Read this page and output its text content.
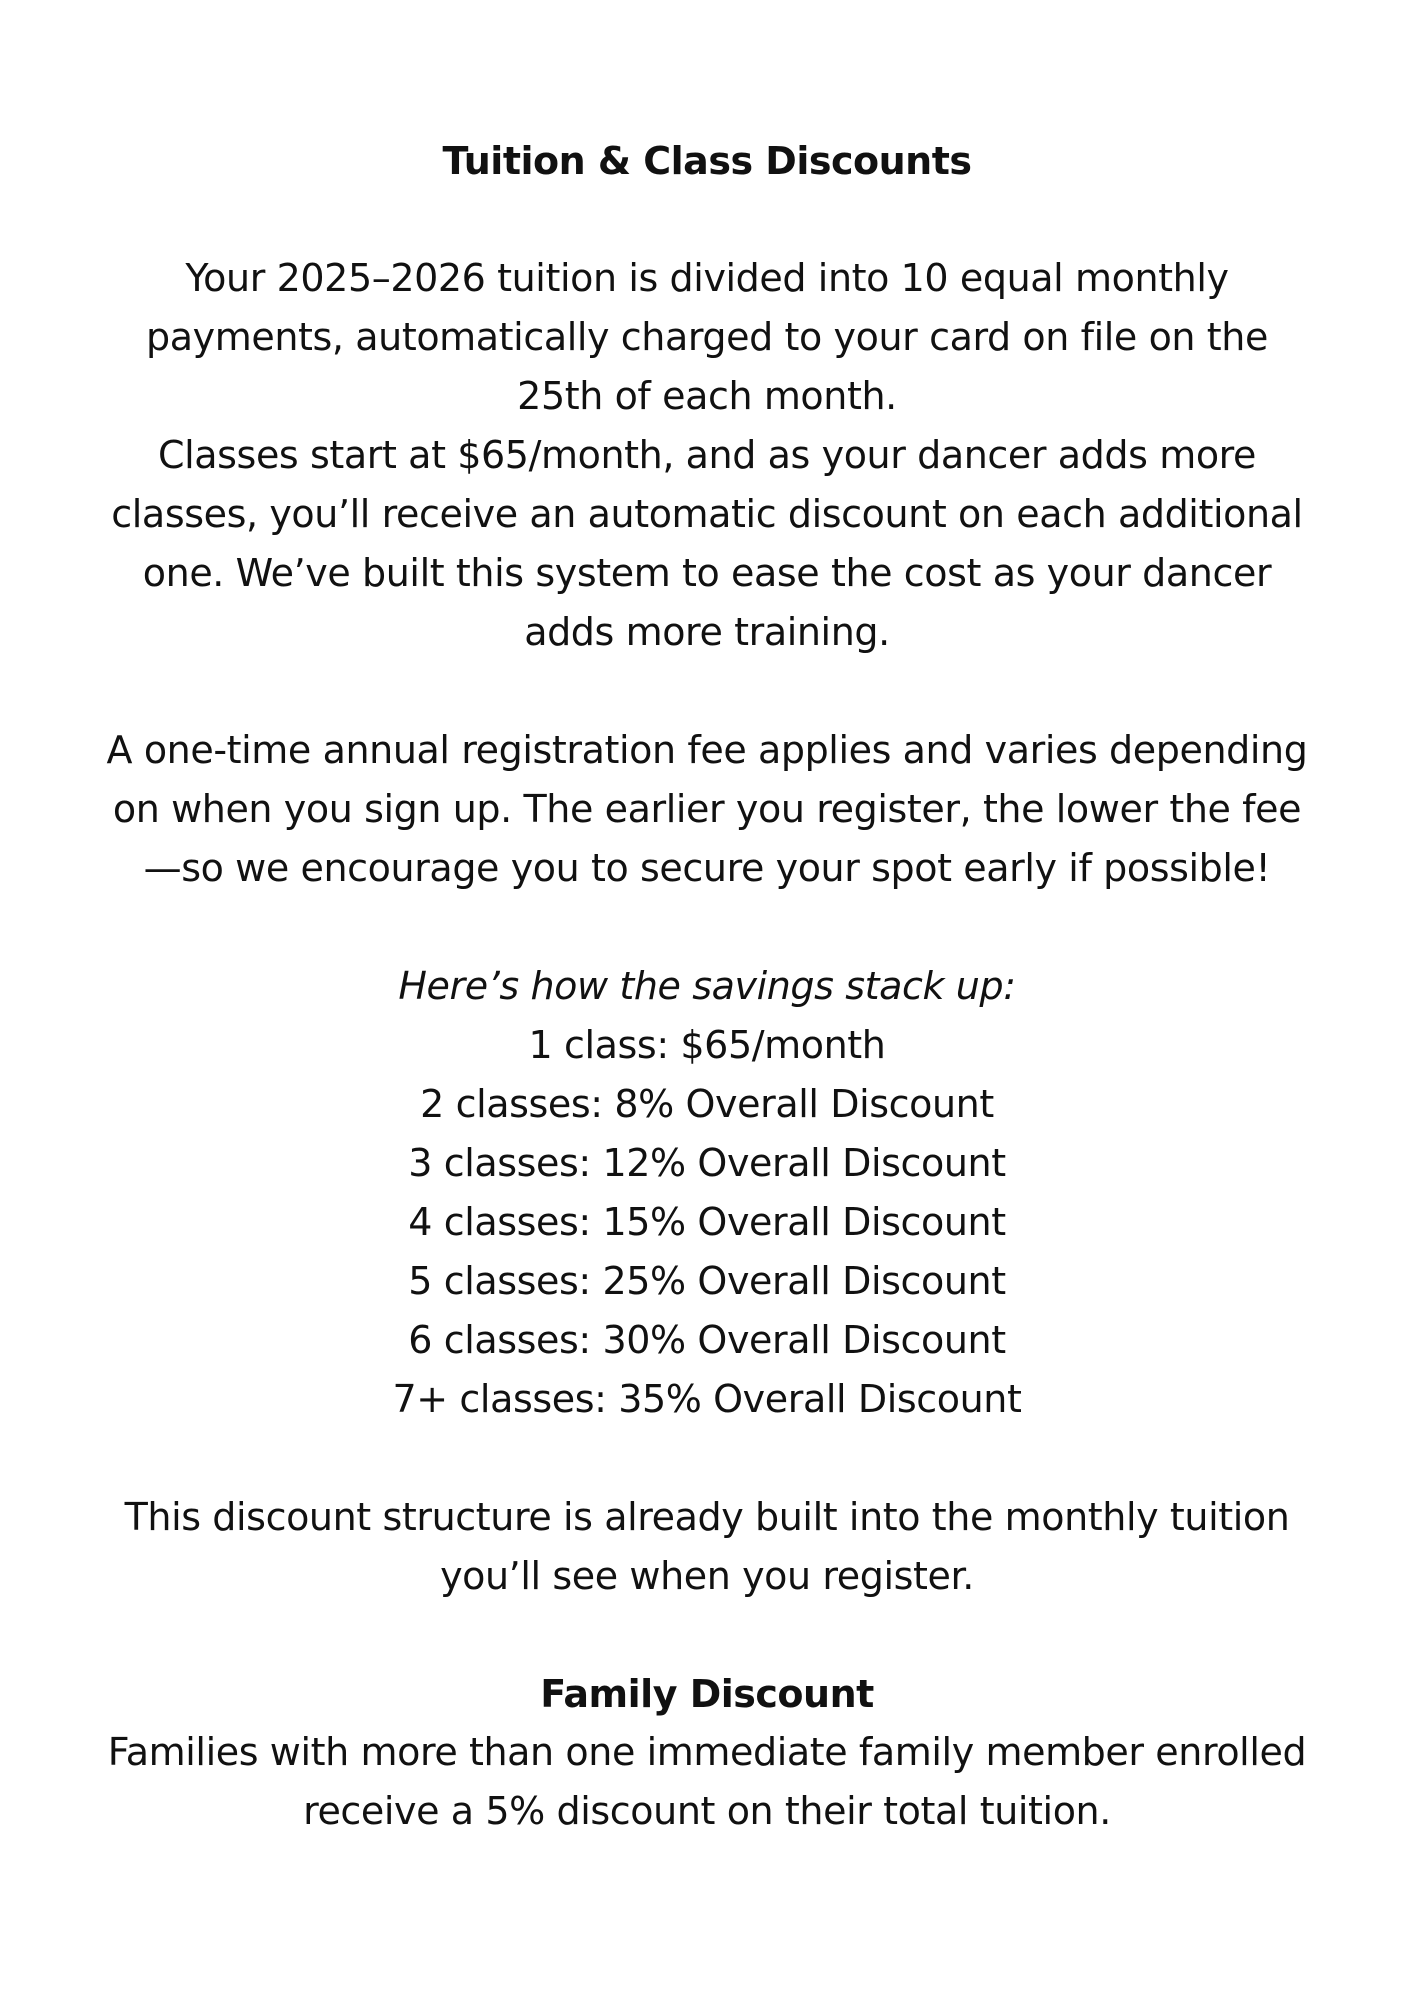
Tuition & Class Discounts

Your 2025–2026 tuition is divided into 10 equal monthly
payments, automatically charged to your card on file on the
25th of each month.
Classes start at $65/month, and as your dancer adds more
classes, you’ll receive an automatic discount on each additional
one. We’ve built this system to ease the cost as your dancer
adds more training.

A one-time annual registration fee applies and varies depending
on when you sign up. The earlier you register, the lower the fee
—so we encourage you to secure your spot early if possible!

Here’s how the savings stack up:

1 class: $65/month
2 classes: 8% Overall Discount
3 classes: 12% Overall Discount
4 classes: 15% Overall Discount
5 classes: 25% Overall Discount
6 classes: 30% Overall Discount
7+ classes: 35% Overall Discount

This discount structure is already built into the monthly tuition
you’ll see when you register.

Family Discount

Families with more than one immediate family member enrolled
receive a 5% discount on their total tuition.
